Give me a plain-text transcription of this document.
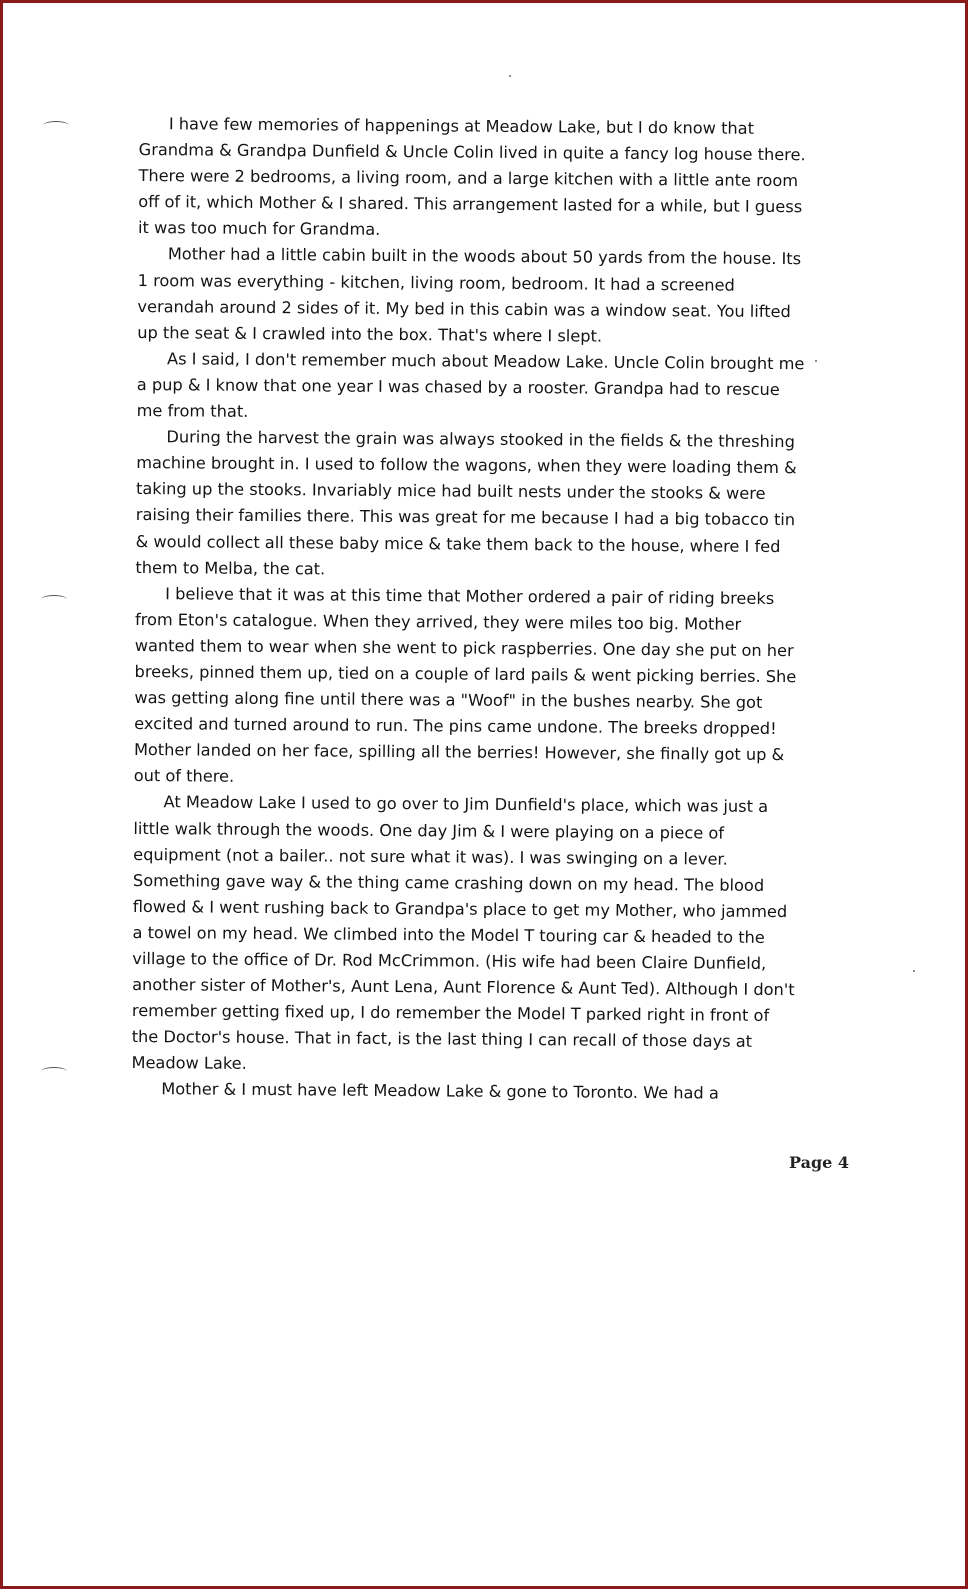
I have few memories of happenings at Meadow Lake, but I do know that Grandma & Grandpa Dunfield & Uncle Colin lived in quite a fancy log house there. There were 2 bedrooms, a living room, and a large kitchen with a little ante room off of it, which Mother & I shared. This arrangement lasted for a while, but I guess it was too much for Grandma.

Mother had a little cabin built in the woods about 50 yards from the house. Its 1 room was everything - kitchen, living room, bedroom. It had a screened verandah around 2 sides of it. My bed in this cabin was a window seat. You lifted up the seat & I crawled into the box. That's where I slept.

As I said, I don't remember much about Meadow Lake. Uncle Colin brought me a pup & I know that one year I was chased by a rooster. Grandpa had to rescue me from that.

During the harvest the grain was always stooked in the fields & the threshing machine brought in. I used to follow the wagons, when they were loading them & taking up the stooks. Invariably mice had built nests under the stooks & were raising their families there. This was great for me because I had a big tobacco tin & would collect all these baby mice & take them back to the house, where I fed them to Melba, the cat.

I believe that it was at this time that Mother ordered a pair of riding breeks from Eton's catalogue. When they arrived, they were miles too big. Mother wanted them to wear when she went to pick raspberries. One day she put on her breeks, pinned them up, tied on a couple of lard pails & went picking berries. She was getting along fine until there was a "Woof" in the bushes nearby. She got excited and turned around to run. The pins came undone. The breeks dropped! Mother landed on her face, spilling all the berries! However, she finally got up & out of there.

At Meadow Lake I used to go over to Jim Dunfield's place, which was just a little walk through the woods. One day Jim & I were playing on a piece of equipment (not a bailer.. not sure what it was). I was swinging on a lever. Something gave way & the thing came crashing down on my head. The blood flowed & I went rushing back to Grandpa's place to get my Mother, who jammed a towel on my head. We climbed into the Model T touring car & headed to the village to the office of Dr. Rod McCrimmon. (His wife had been Claire Dunfield, another sister of Mother's, Aunt Lena, Aunt Florence & Aunt Ted). Although I don't remember getting fixed up, I do remember the Model T parked right in front of the Doctor's house. That in fact, is the last thing I can recall of those days at Meadow Lake.

Mother & I must have left Meadow Lake & gone to Toronto. We had a

Page 4
